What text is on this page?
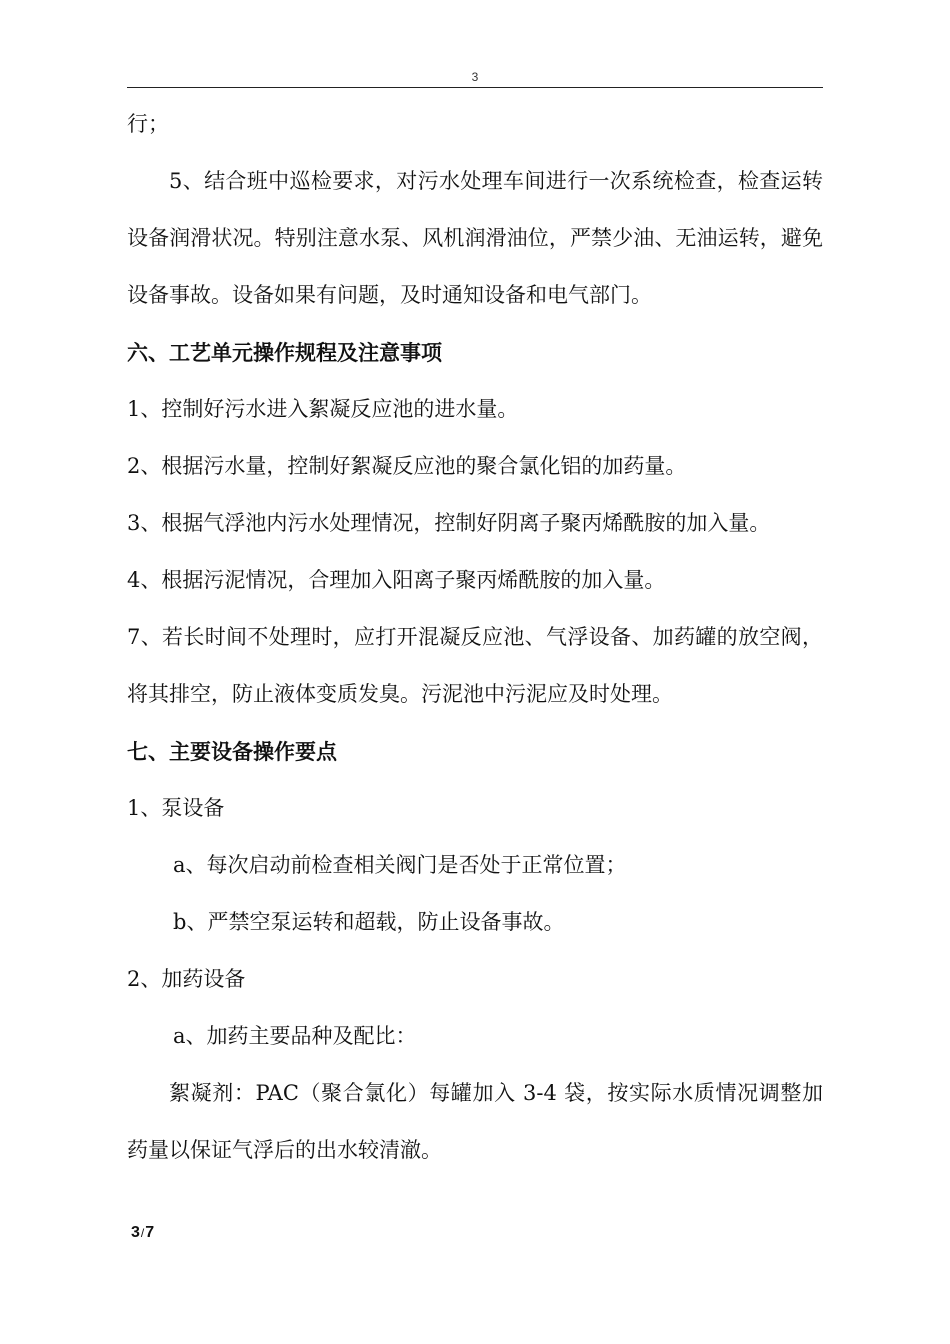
3

行；

5、结合班中巡检要求，对污水处理车间进行一次系统检查，检查运转设备润滑状况。特别注意水泵、风机润滑油位，严禁少油、无油运转，避免设备事故。设备如果有问题，及时通知设备和电气部门。

六、工艺单元操作规程及注意事项

1、控制好污水进入絮凝反应池的进水量。

2、根据污水量，控制好絮凝反应池的聚合氯化铝的加药量。

3、根据气浮池内污水处理情况，控制好阴离子聚丙烯酰胺的加入量。

4、根据污泥情况，合理加入阳离子聚丙烯酰胺的加入量。

7、若长时间不处理时，应打开混凝反应池、气浮设备、加药罐的放空阀，将其排空，防止液体变质发臭。污泥池中污泥应及时处理。

七、主要设备操作要点

1、泵设备

a、每次启动前检查相关阀门是否处于正常位置；

b、严禁空泵运转和超载，防止设备事故。

2、加药设备

a、加药主要品种及配比：

絮凝剂：PAC（聚合氯化）每罐加入 3-4 袋，按实际水质情况调整加药量以保证气浮后的出水较清澈。

3/7
